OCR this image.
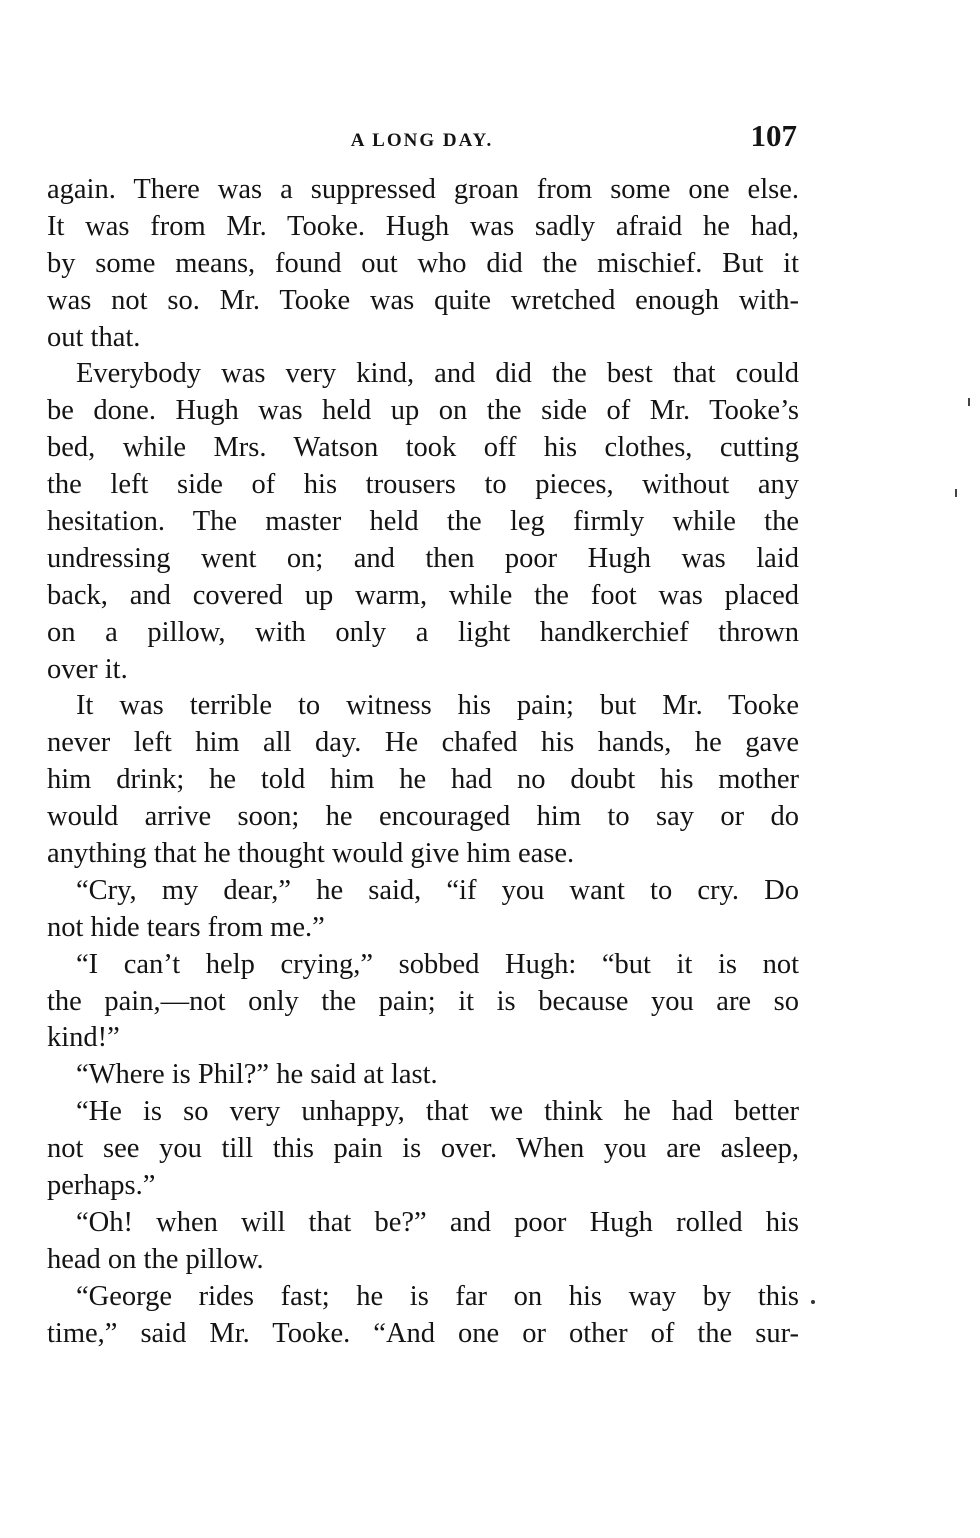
A LONG DAY.	107
again. There was a suppressed groan from some one else.
It was from Mr. Tooke. Hugh was sadly afraid he had,
by some means, found out who did the mischief. But it
was not so. Mr. Tooke was quite wretched enough with-
out that.
Everybody was very kind, and did the best that could
be done. Hugh was held up on the side of Mr. Tooke’s
bed, while Mrs. Watson took off his clothes, cutting
the left side of his trousers to pieces, without any
hesitation. The master held the leg firmly while the
undressing went on; and then poor Hugh was laid
back, and covered up warm, while the foot was placed
on a pillow, with only a light handkerchief thrown
over it.
It was terrible to witness his pain; but Mr. Tooke
never left him all day. He chafed his hands, he gave
him drink; he told him he had no doubt his mother
would arrive soon; he encouraged him to say or do
anything that he thought would give him ease.
“Cry, my dear,” he said, “if you want to cry. Do
not hide tears from me.”
“I can’t help crying,” sobbed Hugh: “but it is not
the pain,—not only the pain; it is because you are so
kind!”
“Where is Phil?” he said at last.
“He is so very unhappy, that we think he had better
not see you till this pain is over. When you are asleep,
perhaps.”
“Oh! when will that be?” and poor Hugh rolled his
head on the pillow.
“George rides fast; he is far on his way by this
time,” said Mr. Tooke. “And one or other of the sur-
